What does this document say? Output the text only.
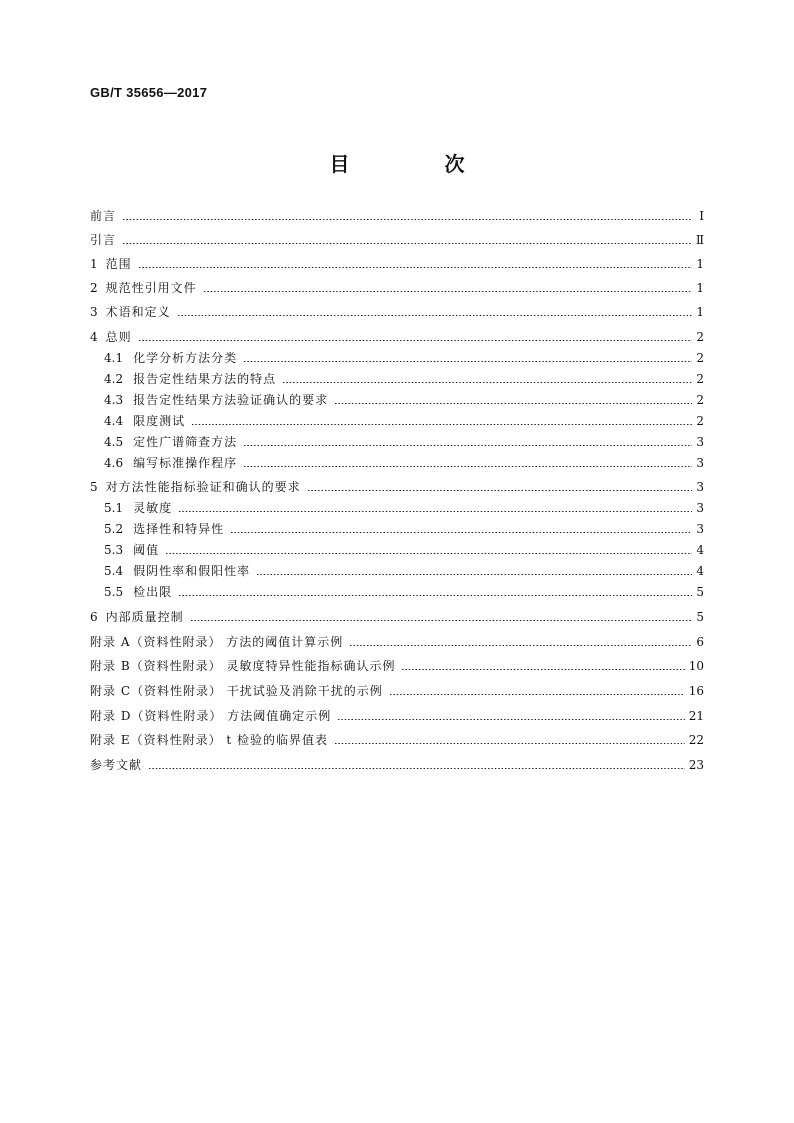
GB/T 35656—2017
目 次
前言	Ⅰ
引言	Ⅱ
1 范围	1
2 规范性引用文件	1
3 术语和定义	1
4 总则	2
4.1 化学分析方法分类	2
4.2 报告定性结果方法的特点	2
4.3 报告定性结果方法验证确认的要求	2
4.4 限度测试	2
4.5 定性广谱筛查方法	3
4.6 编写标准操作程序	3
5 对方法性能指标验证和确认的要求	3
5.1 灵敏度	3
5.2 选择性和特异性	3
5.3 阈值	4
5.4 假阴性率和假阳性率	4
5.5 检出限	5
6 内部质量控制	5
附录 A（资料性附录） 方法的阈值计算示例	6
附录 B（资料性附录） 灵敏度特异性能指标确认示例	10
附录 C（资料性附录） 干扰试验及消除干扰的示例	16
附录 D（资料性附录） 方法阈值确定示例	21
附录 E（资料性附录） t 检验的临界值表	22
参考文献	23
